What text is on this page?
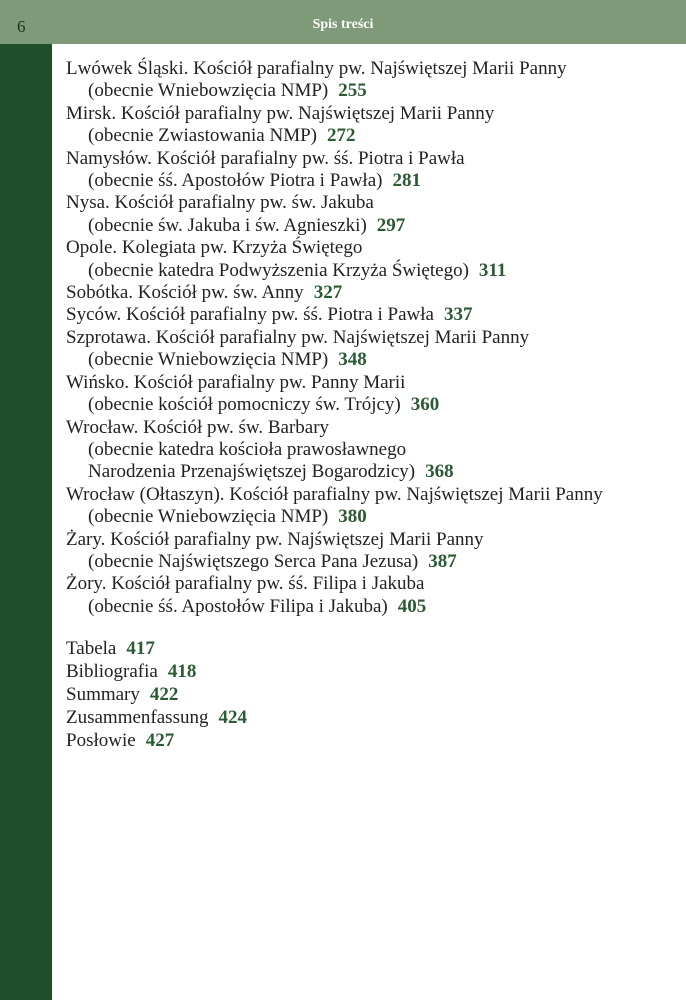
6	Spis treści

Lwówek Śląski. Kościół parafialny pw. Najświętszej Marii Panny
(obecnie Wniebowzięcia NMP) 255

Mirsk. Kościół parafialny pw. Najświętszej Marii Panny
(obecnie Zwiastowania NMP) 272

Namysłów. Kościół parafialny pw. śś. Piotra i Pawła
(obecnie śś. Apostołów Piotra i Pawła) 281

Nysa. Kościół parafialny pw. św. Jakuba
(obecnie św. Jakuba i św. Agnieszki) 297

Opole. Kolegiata pw. Krzyża Świętego
(obecnie katedra Podwyższenia Krzyża Świętego) 311

Sobótka. Kościół pw. św. Anny 327

Syców. Kościół parafialny pw. śś. Piotra i Pawła 337

Szprotawa. Kościół parafialny pw. Najświętszej Marii Panny
(obecnie Wniebowzięcia NMP) 348

Wińsko. Kościół parafialny pw. Panny Marii
(obecnie kościół pomocniczy św. Trójcy) 360

Wrocław. Kościół pw. św. Barbary
(obecnie katedra kościoła prawosławnego
Narodzenia Przenajświętszej Bogarodzicy) 368

Wrocław (Ołtaszyn). Kościół parafialny pw. Najświętszej Marii Panny
(obecnie Wniebowzięcia NMP) 380

Żary. Kościół parafialny pw. Najświętszej Marii Panny
(obecnie Najświętszego Serca Pana Jezusa) 387

Żory. Kościół parafialny pw. śś. Filipa i Jakuba
(obecnie śś. Apostołów Filipa i Jakuba) 405

Tabela 417
Bibliografia 418
Summary 422
Zusammenfassung 424
Posłowie 427
